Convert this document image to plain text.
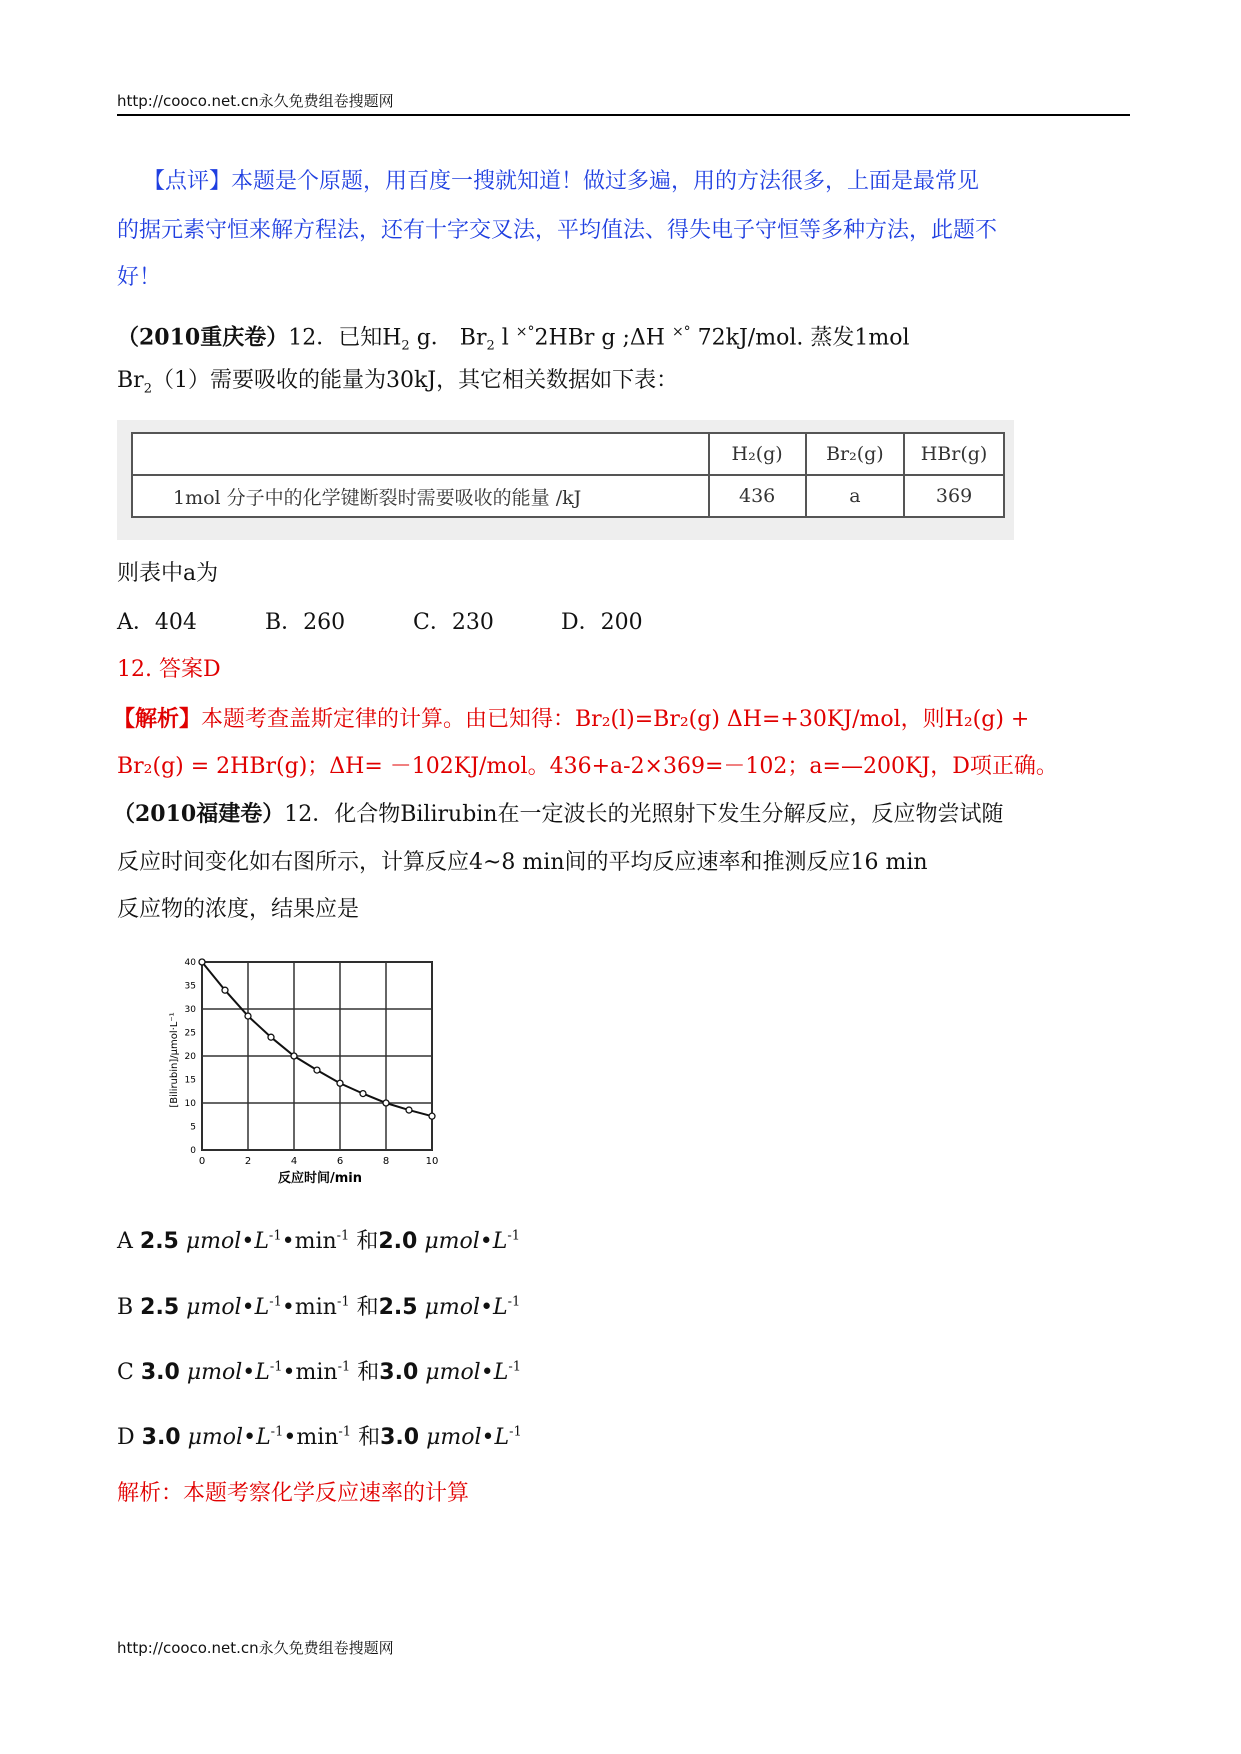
http://cooco.net.cn永久免费组卷搜题网
【点评】本题是个原题，用百度一搜就知道！做过多遍，用的方法很多，上面是最常见
的据元素守恒来解方程法，还有十字交叉法，平均值法、得失电子守恒等多种方法，此题不
好！
（2010重庆卷）12．已知$H_2$ g． $Br_2$ l ×°2HBr g ;ΔH ×° 72kJ/mol. 蒸发1mol
$Br_2(1)$需要吸收的能量为30kJ，其它相关数据如下表：
	H₂(g)	Br₂(g)	HBr(g)
1mol 分子中的化学键断裂时需要吸收的能量 /kJ	436	a	369
则表中a为
A．404	B．260	C．230	D．200
12. 答案D
【解析】本题考查盖斯定律的计算。由已知得：Br₂(l)=Br₂(g) ΔH=+30KJ/mol，则H₂(g) +
Br₂(g) = 2HBr(g)；ΔH= －102KJ/mol。436+a-2×369=－102；a=—200KJ，D项正确。
（2010福建卷）12．化合物Bilirubin在一定波长的光照射下发生分解反应，反应物尝试随
反应时间变化如右图所示，计算反应4~8 min间的平均反应速率和推测反应16 min
反应物的浓度，结果应是
0	2	4	6	8	10
0
5
10
15
20
25
30
35
40
反应时间/min
[Bilirubin]/μmol·L⁻¹
A 2.5 $\mu mol•L^{-1}•\min^{-1}$ 和2.0 $\mu mol•L^{-1}$
B 2.5 $\mu mol•L^{-1}•\min^{-1}$ 和2.5 $\mu mol•L^{-1}$
C 3.0 $\mu mol•L^{-1}•\min^{-1}$ 和3.0 $\mu mol•L^{-1}$
D 3.0 $\mu mol•L^{-1}•\min^{-1}$ 和3.0 $\mu mol•L^{-1}$
解析：本题考察化学反应速率的计算
http://cooco.net.cn永久免费组卷搜题网
